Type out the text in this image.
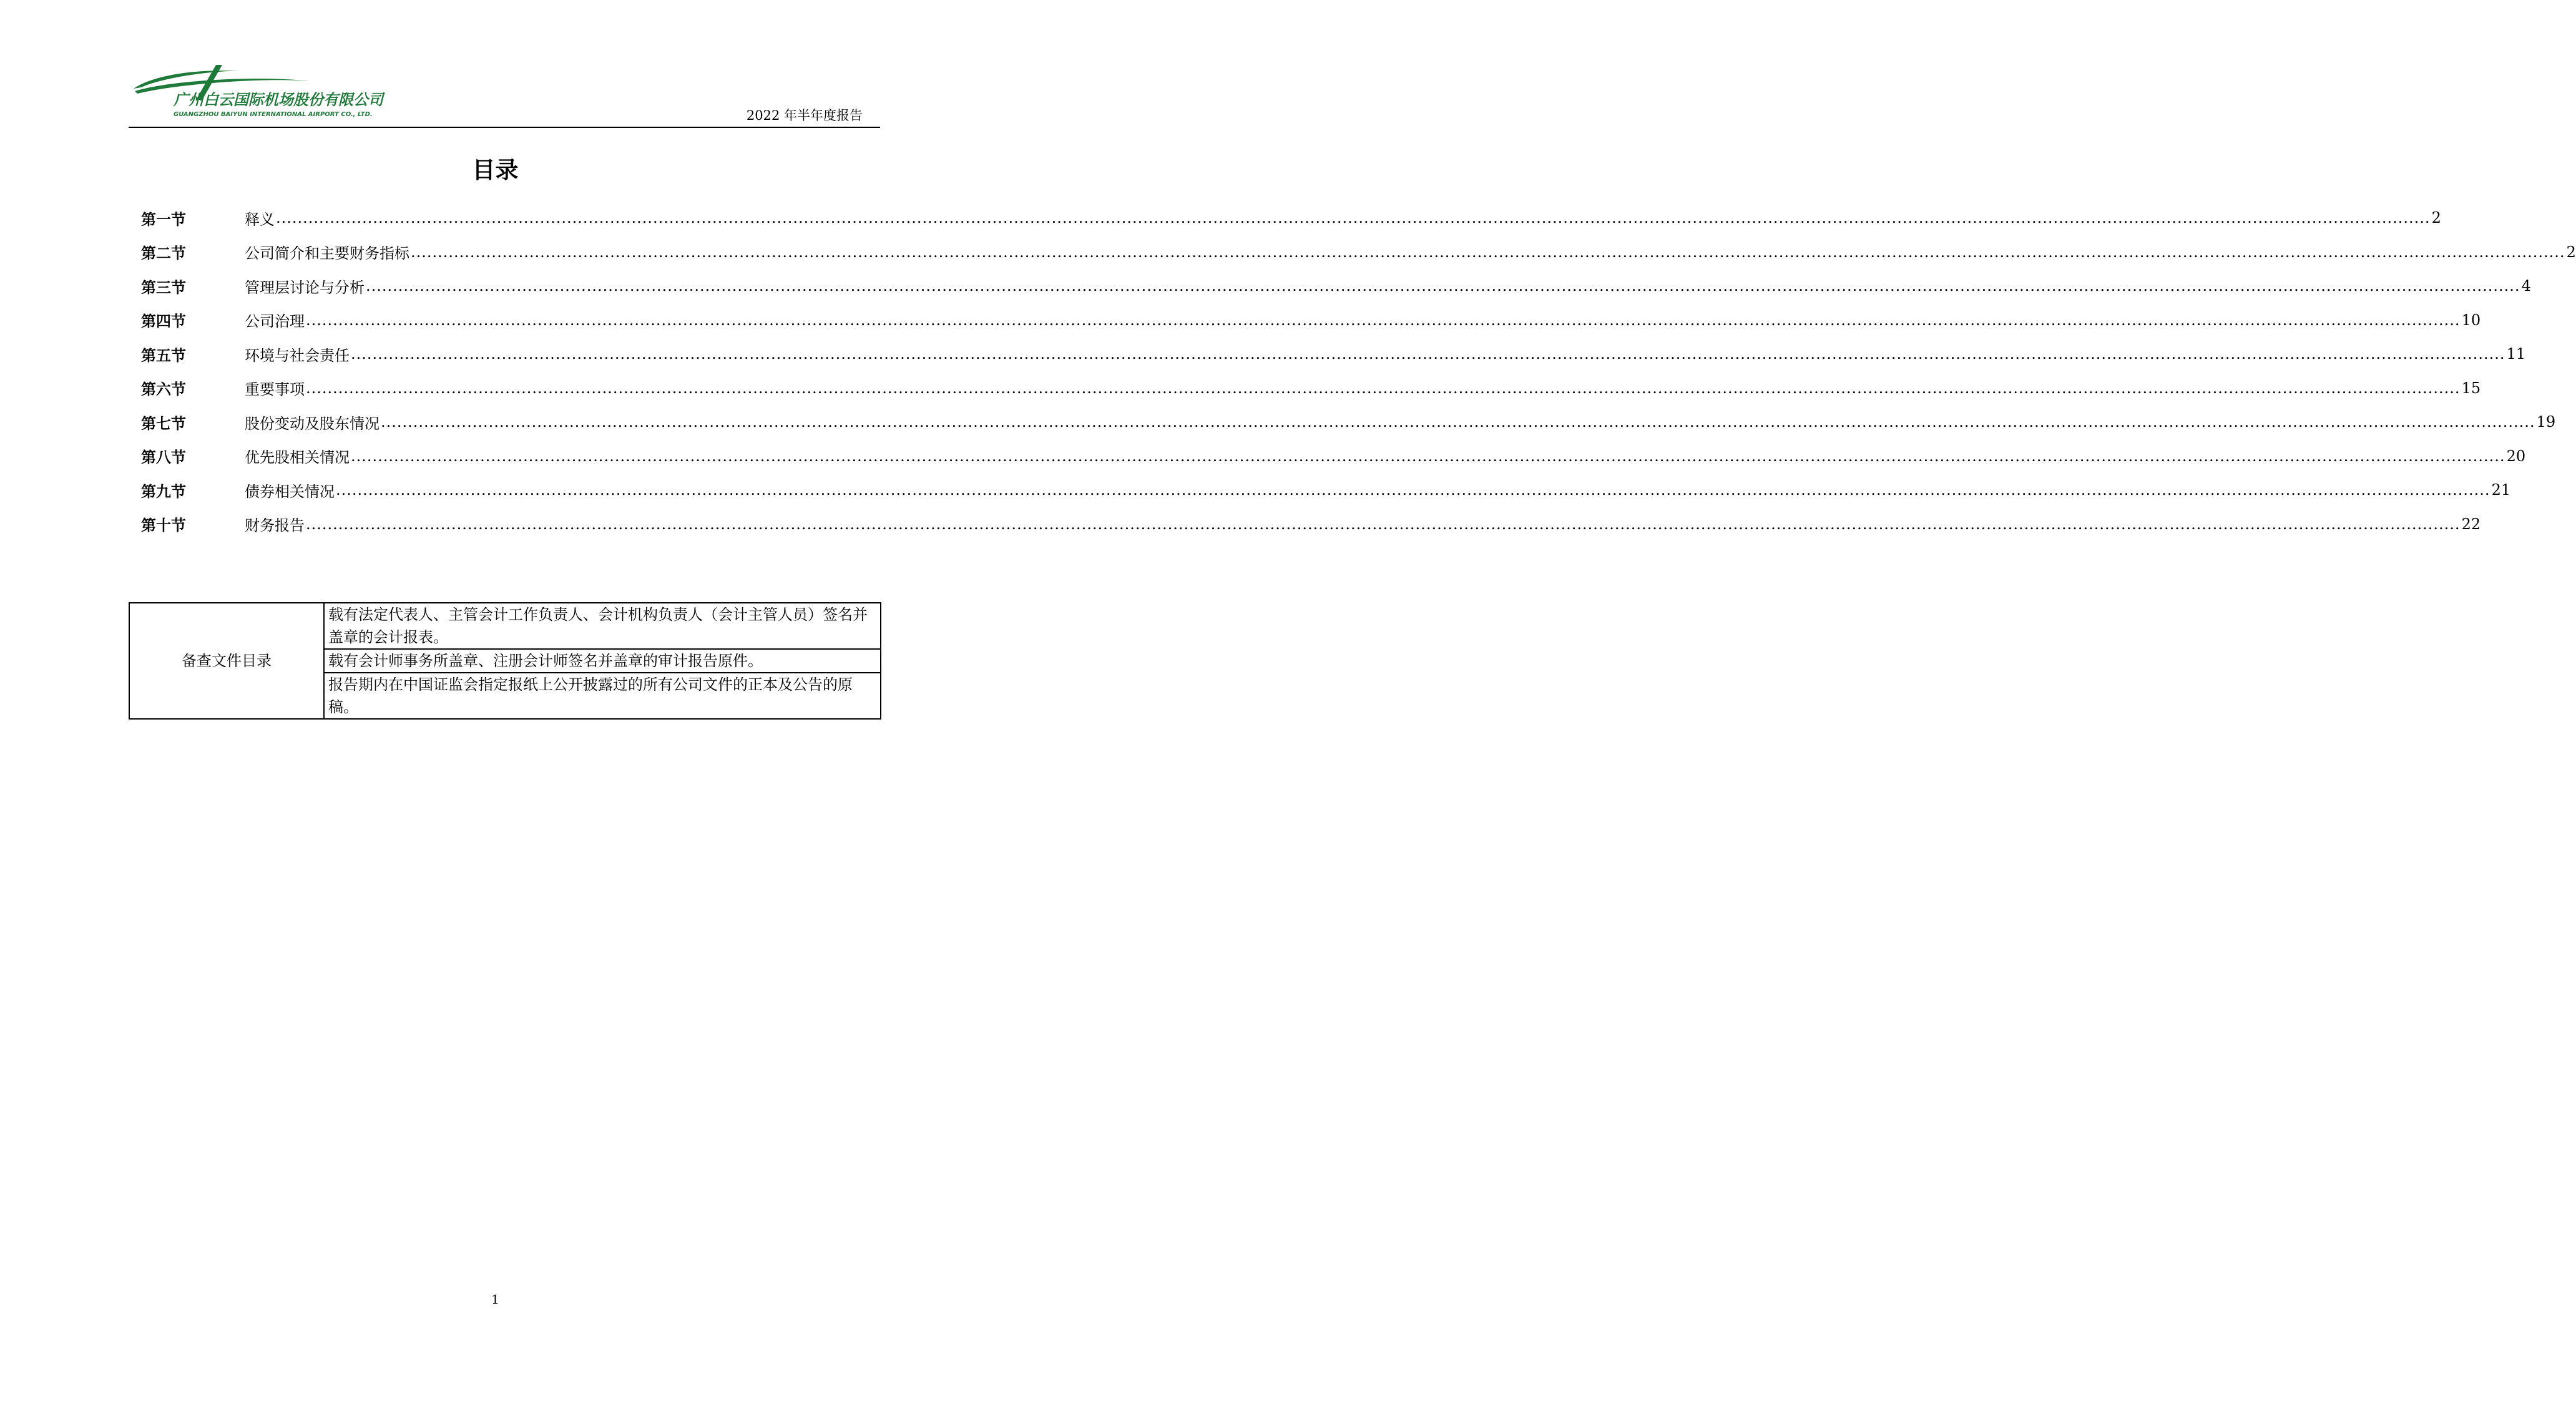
广州白云国际机场股份有限公司
GUANGZHOU BAIYUN INTERNATIONAL AIRPORT CO., LTD.	2022 年半年度报告
目录
第一节	释义 ................................................................................................................................................................................................................................................................................................................................................................................................................ 2
第二节	公司简介和主要财务指标 ................................................................................................................................................................................................................................................................................................................................................................................................................ 2
第三节	管理层讨论与分析 ................................................................................................................................................................................................................................................................................................................................................................................................................ 4
第四节	公司治理 ................................................................................................................................................................................................................................................................................................................................................................................................................ 10
第五节	环境与社会责任 ................................................................................................................................................................................................................................................................................................................................................................................................................ 11
第六节	重要事项 ................................................................................................................................................................................................................................................................................................................................................................................................................ 15
第七节	股份变动及股东情况 ................................................................................................................................................................................................................................................................................................................................................................................................................ 19
第八节	优先股相关情况 ................................................................................................................................................................................................................................................................................................................................................................................................................ 20
第九节	债券相关情况 ................................................................................................................................................................................................................................................................................................................................................................................................................ 21
第十节	财务报告 ................................................................................................................................................................................................................................................................................................................................................................................................................ 22
备查文件目录	载有法定代表人、主管会计工作负责人、会计机构负责人（会计主管人员）签名并盖章的会计报表。
载有会计师事务所盖章、注册会计师签名并盖章的审计报告原件。
报告期内在中国证监会指定报纸上公开披露过的所有公司文件的正本及公告的原稿。
1
